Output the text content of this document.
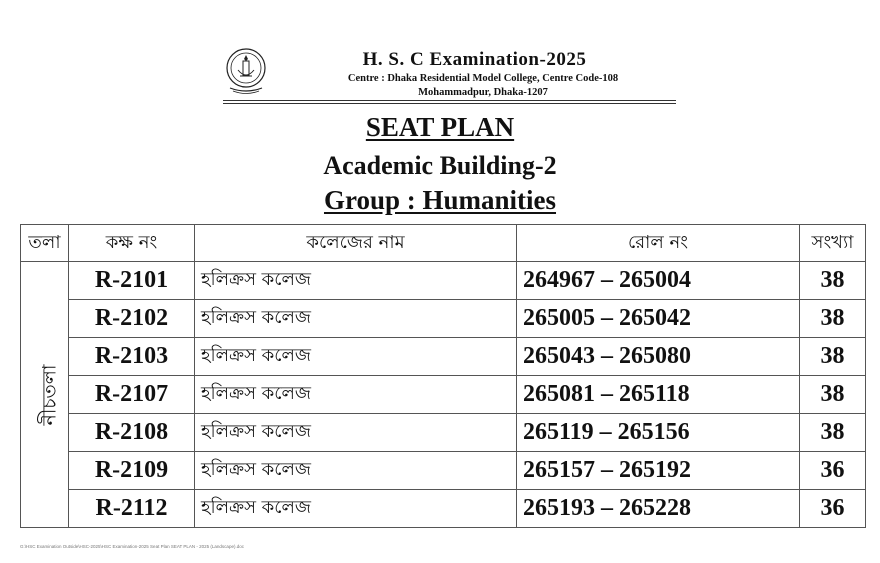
H. S. C Examination-2025
Centre : Dhaka Residential Model College, Centre Code-108
Mohammadpur, Dhaka-1207
SEAT PLAN
Academic Building-2
Group : Humanities
তলা	কক্ষ নং	কলেজের নাম	রোল নং	সংখ্যা
নীচতলা	R-2101	হলিক্রস কলেজ	264967 – 265004	38
	R-2102	হলিক্রস কলেজ	265005 – 265042	38
	R-2103	হলিক্রস কলেজ	265043 – 265080	38
	R-2107	হলিক্রস কলেজ	265081 – 265118	38
	R-2108	হলিক্রস কলেজ	265119 – 265156	38
	R-2109	হলিক্রস কলেজ	265157 – 265192	36
	R-2112	হলিক্রস কলেজ	265193 – 265228	36
G:\HSC Examination Outside\HSC-2025\HSC Examination-2025 Seat Plan SEAT PLAN - 2025 (Landscape).doc
